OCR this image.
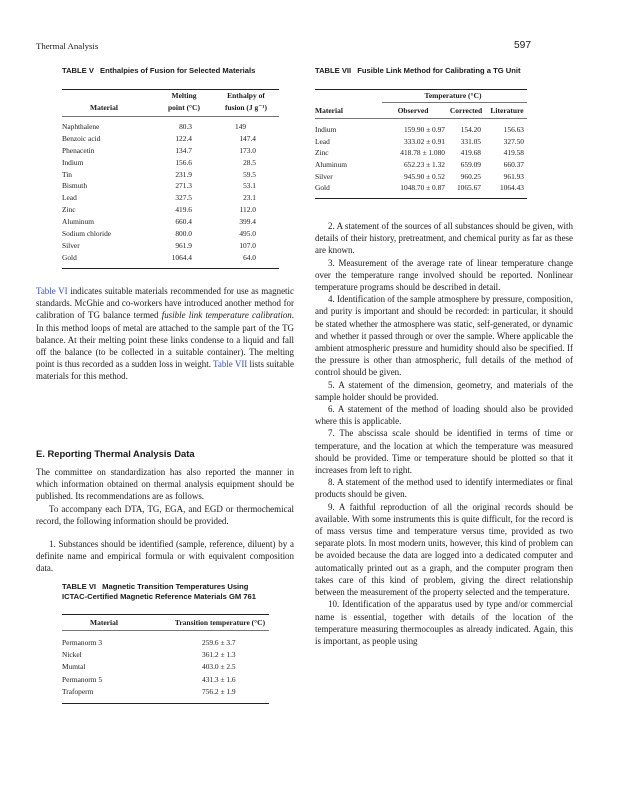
Thermal Analysis	597
TABLE V Enthalpies of Fusion for Selected Materials
Melting	Enthalpy of
Material	point (°C)	fusion (J g⁻¹)
Naphthalene	80.3	149
Benzoic acid	122.4	147.4
Phenacetin	134.7	173.0
Indium	156.6	28.5
Tin	231.9	59.5
Bismuth	271.3	53.1
Lead	327.5	23.1
Zinc	419.6	112.0
Aluminum	660.4	399.4
Sodium chloride	800.0	495.0
Silver	961.9	107.0
Gold	1064.4	64.0

Table VI indicates suitable materials recommended for use as magnetic standards. McGhie and co-workers have introduced another method for calibration of TG balance termed fusible link temperature calibration. In this method loops of metal are attached to the sample part of the TG balance. At their melting point these links condense to a liquid and fall off the balance (to be collected in a suitable container). The melting point is thus recorded as a sudden loss in weight. Table VII lists suitable materials for this method.

E. Reporting Thermal Analysis Data

The committee on standardization has also reported the manner in which information obtained on thermal analysis equipment should be published. Its recommendations are as follows.

To accompany each DTA, TG, EGA, and EGD or thermochemical record, the following information should be provided.

1. Substances should be identified (sample, reference, diluent) by a definite name and empirical formula or with equivalent composition data.

TABLE VI Magnetic Transition Temperatures Using ICTAC-Certified Magnetic Reference Materials GM 761
Material	Transition temperature (°C)
Permanorm 3	259.6 ± 3.7
Nickel	361.2 ± 1.3
Mumtal	403.0 ± 2.5
Permanorm 5	431.3 ± 1.6
Trafoperm	756.2 ± 1.9
TABLE VII Fusible Link Method for Calibrating a TG Unit
Temperature (°C)
Material	Observed	Corrected	Literature
Indium	159.90 ± 0.97	154.20	156.63
Lead	333.02 ± 0.91	331.05	327.50
Zinc	418.78 ± 1.080	419.68	419.58
Aluminum	652.23 ± 1.32	659.09	660.37
Silver	945.90 ± 0.52	960.25	961.93
Gold	1048.70 ± 0.87	1065.67	1064.43

2. A statement of the sources of all substances should be given, with details of their history, pretreatment, and chemical purity as far as these are known.

3. Measurement of the average rate of linear temperature change over the temperature range involved should be reported. Nonlinear temperature programs should be described in detail.

4. Identification of the sample atmosphere by pressure, composition, and purity is important and should be recorded: in particular, it should be stated whether the atmosphere was static, self-generated, or dynamic and whether it passed through or over the sample. Where applicable the ambient atmospheric pressure and humidity should also be specified. If the pressure is other than atmospheric, full details of the method of control should be given.

5. A statement of the dimension, geometry, and materials of the sample holder should be provided.

6. A statement of the method of loading should also be provided where this is applicable.

7. The abscissa scale should be identified in terms of time or temperature, and the location at which the temperature was measured should be provided. Time or temperature should be plotted so that it increases from left to right.

8. A statement of the method used to identify intermediates or final products should be given.

9. A faithful reproduction of all the original records should be available. With some instruments this is quite difficult, for the record is of mass versus time and temperature versus time, provided as two separate plots. In most modern units, however, this kind of problem can be avoided because the data are logged into a dedicated computer and automatically printed out as a graph, and the computer program then takes care of this kind of problem, giving the direct relationship between the measurement of the property selected and the temperature.

10. Identification of the apparatus used by type and/or commercial name is essential, together with details of the location of the temperature measuring thermocouples as already indicated. Again, this is important, as people using
